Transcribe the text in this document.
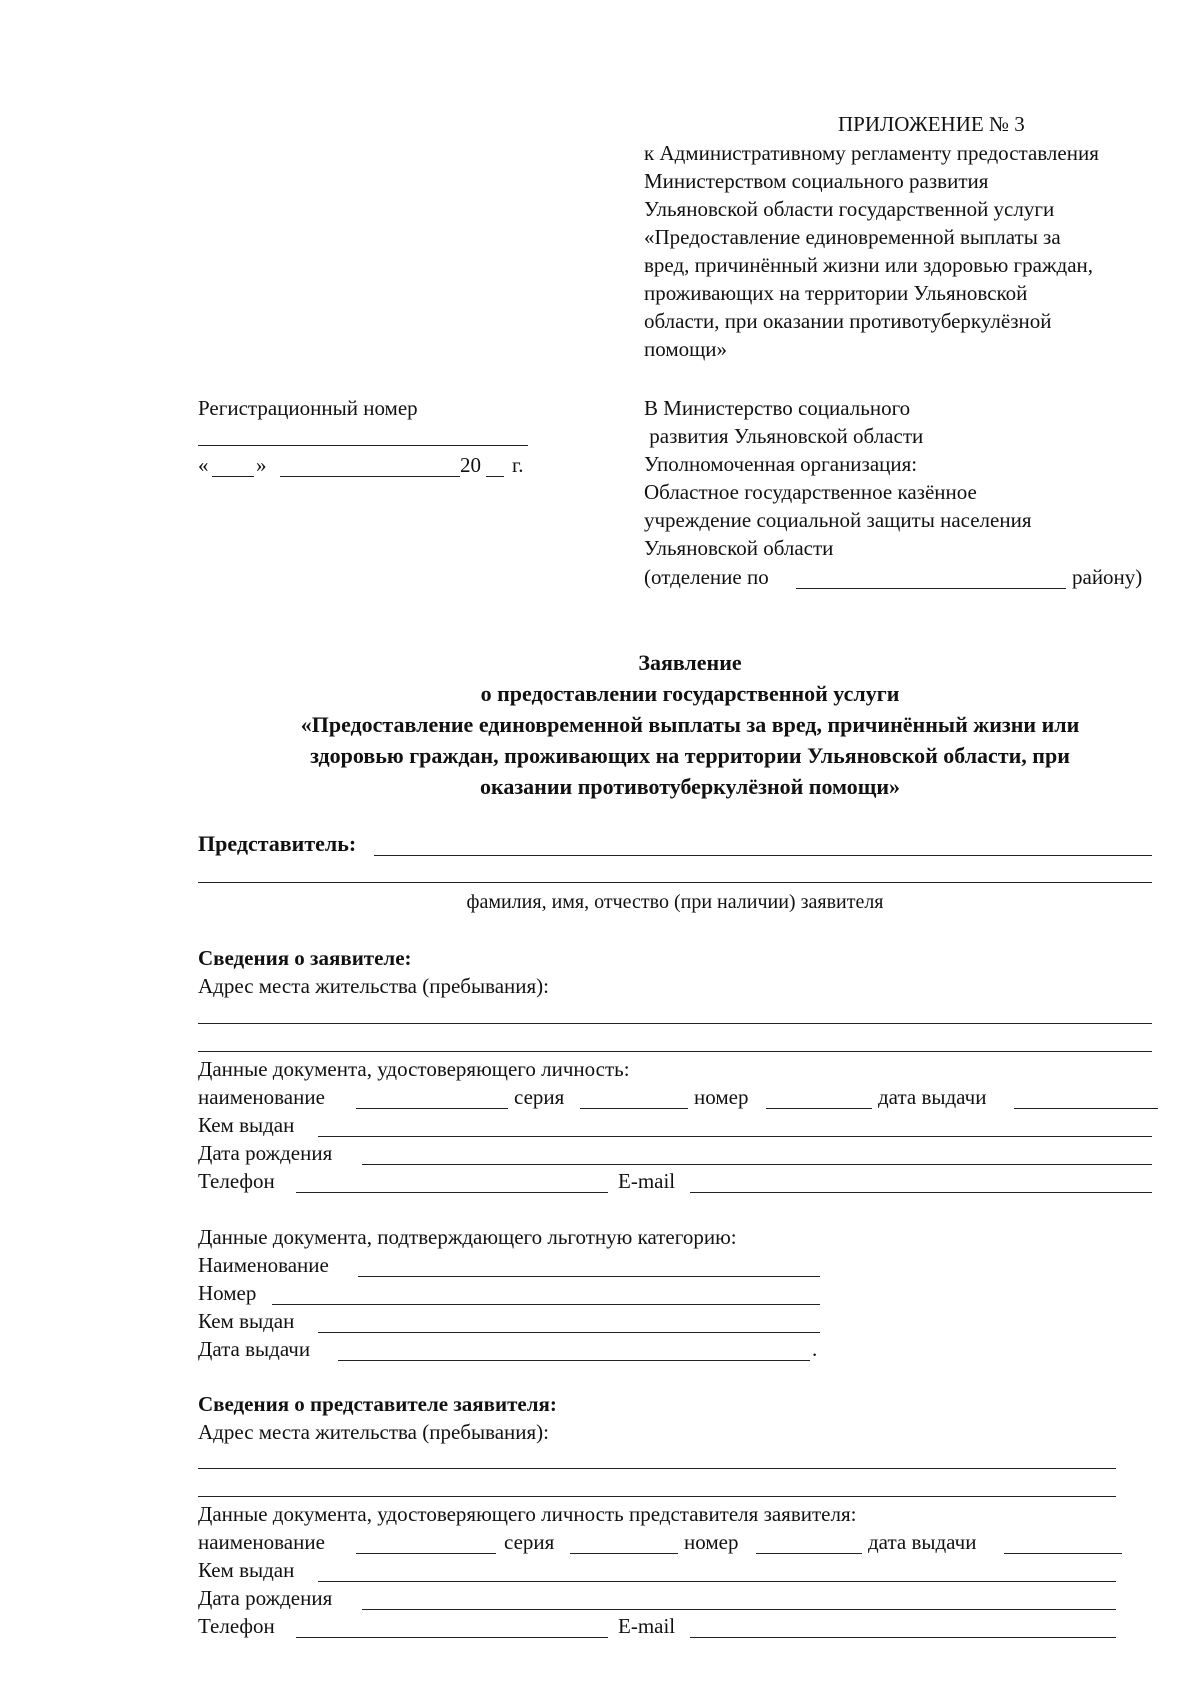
ПРИЛОЖЕНИЕ № 3
к Административному регламенту предоставления
Министерством социального развития
Ульяновской области государственной услуги
«Предоставление единовременной выплаты за
вред, причинённый жизни или здоровью граждан,
проживающих на территории Ульяновской
области, при оказании противотуберкулёзной
помощи»
Регистрационный номер
« »	20 г.
В Министерство социального
развития Ульяновской области
Уполномоченная организация:
Областное государственное казённое
учреждение социальной защиты населения
Ульяновской области
(отделение по	району)
Заявление
о предоставлении государственной услуги
«Предоставление единовременной выплаты за вред, причинённый жизни или
здоровью граждан, проживающих на территории Ульяновской области, при
оказании противотуберкулёзной помощи»
Представитель:
фамилия, имя, отчество (при наличии) заявителя
Сведения о заявителе:
Адрес места жительства (пребывания):
Данные документа, удостоверяющего личность:
наименование	серия	номер	дата выдачи
Кем выдан
Дата рождения
Телефон	E-mail
Данные документа, подтверждающего льготную категорию:
Наименование
Номер
Кем выдан
Дата выдачи	.
Сведения о представителе заявителя:
Адрес места жительства (пребывания):
Данные документа, удостоверяющего личность представителя заявителя:
наименование	серия	номер	дата выдачи
Кем выдан
Дата рождения
Телефон	E-mail
